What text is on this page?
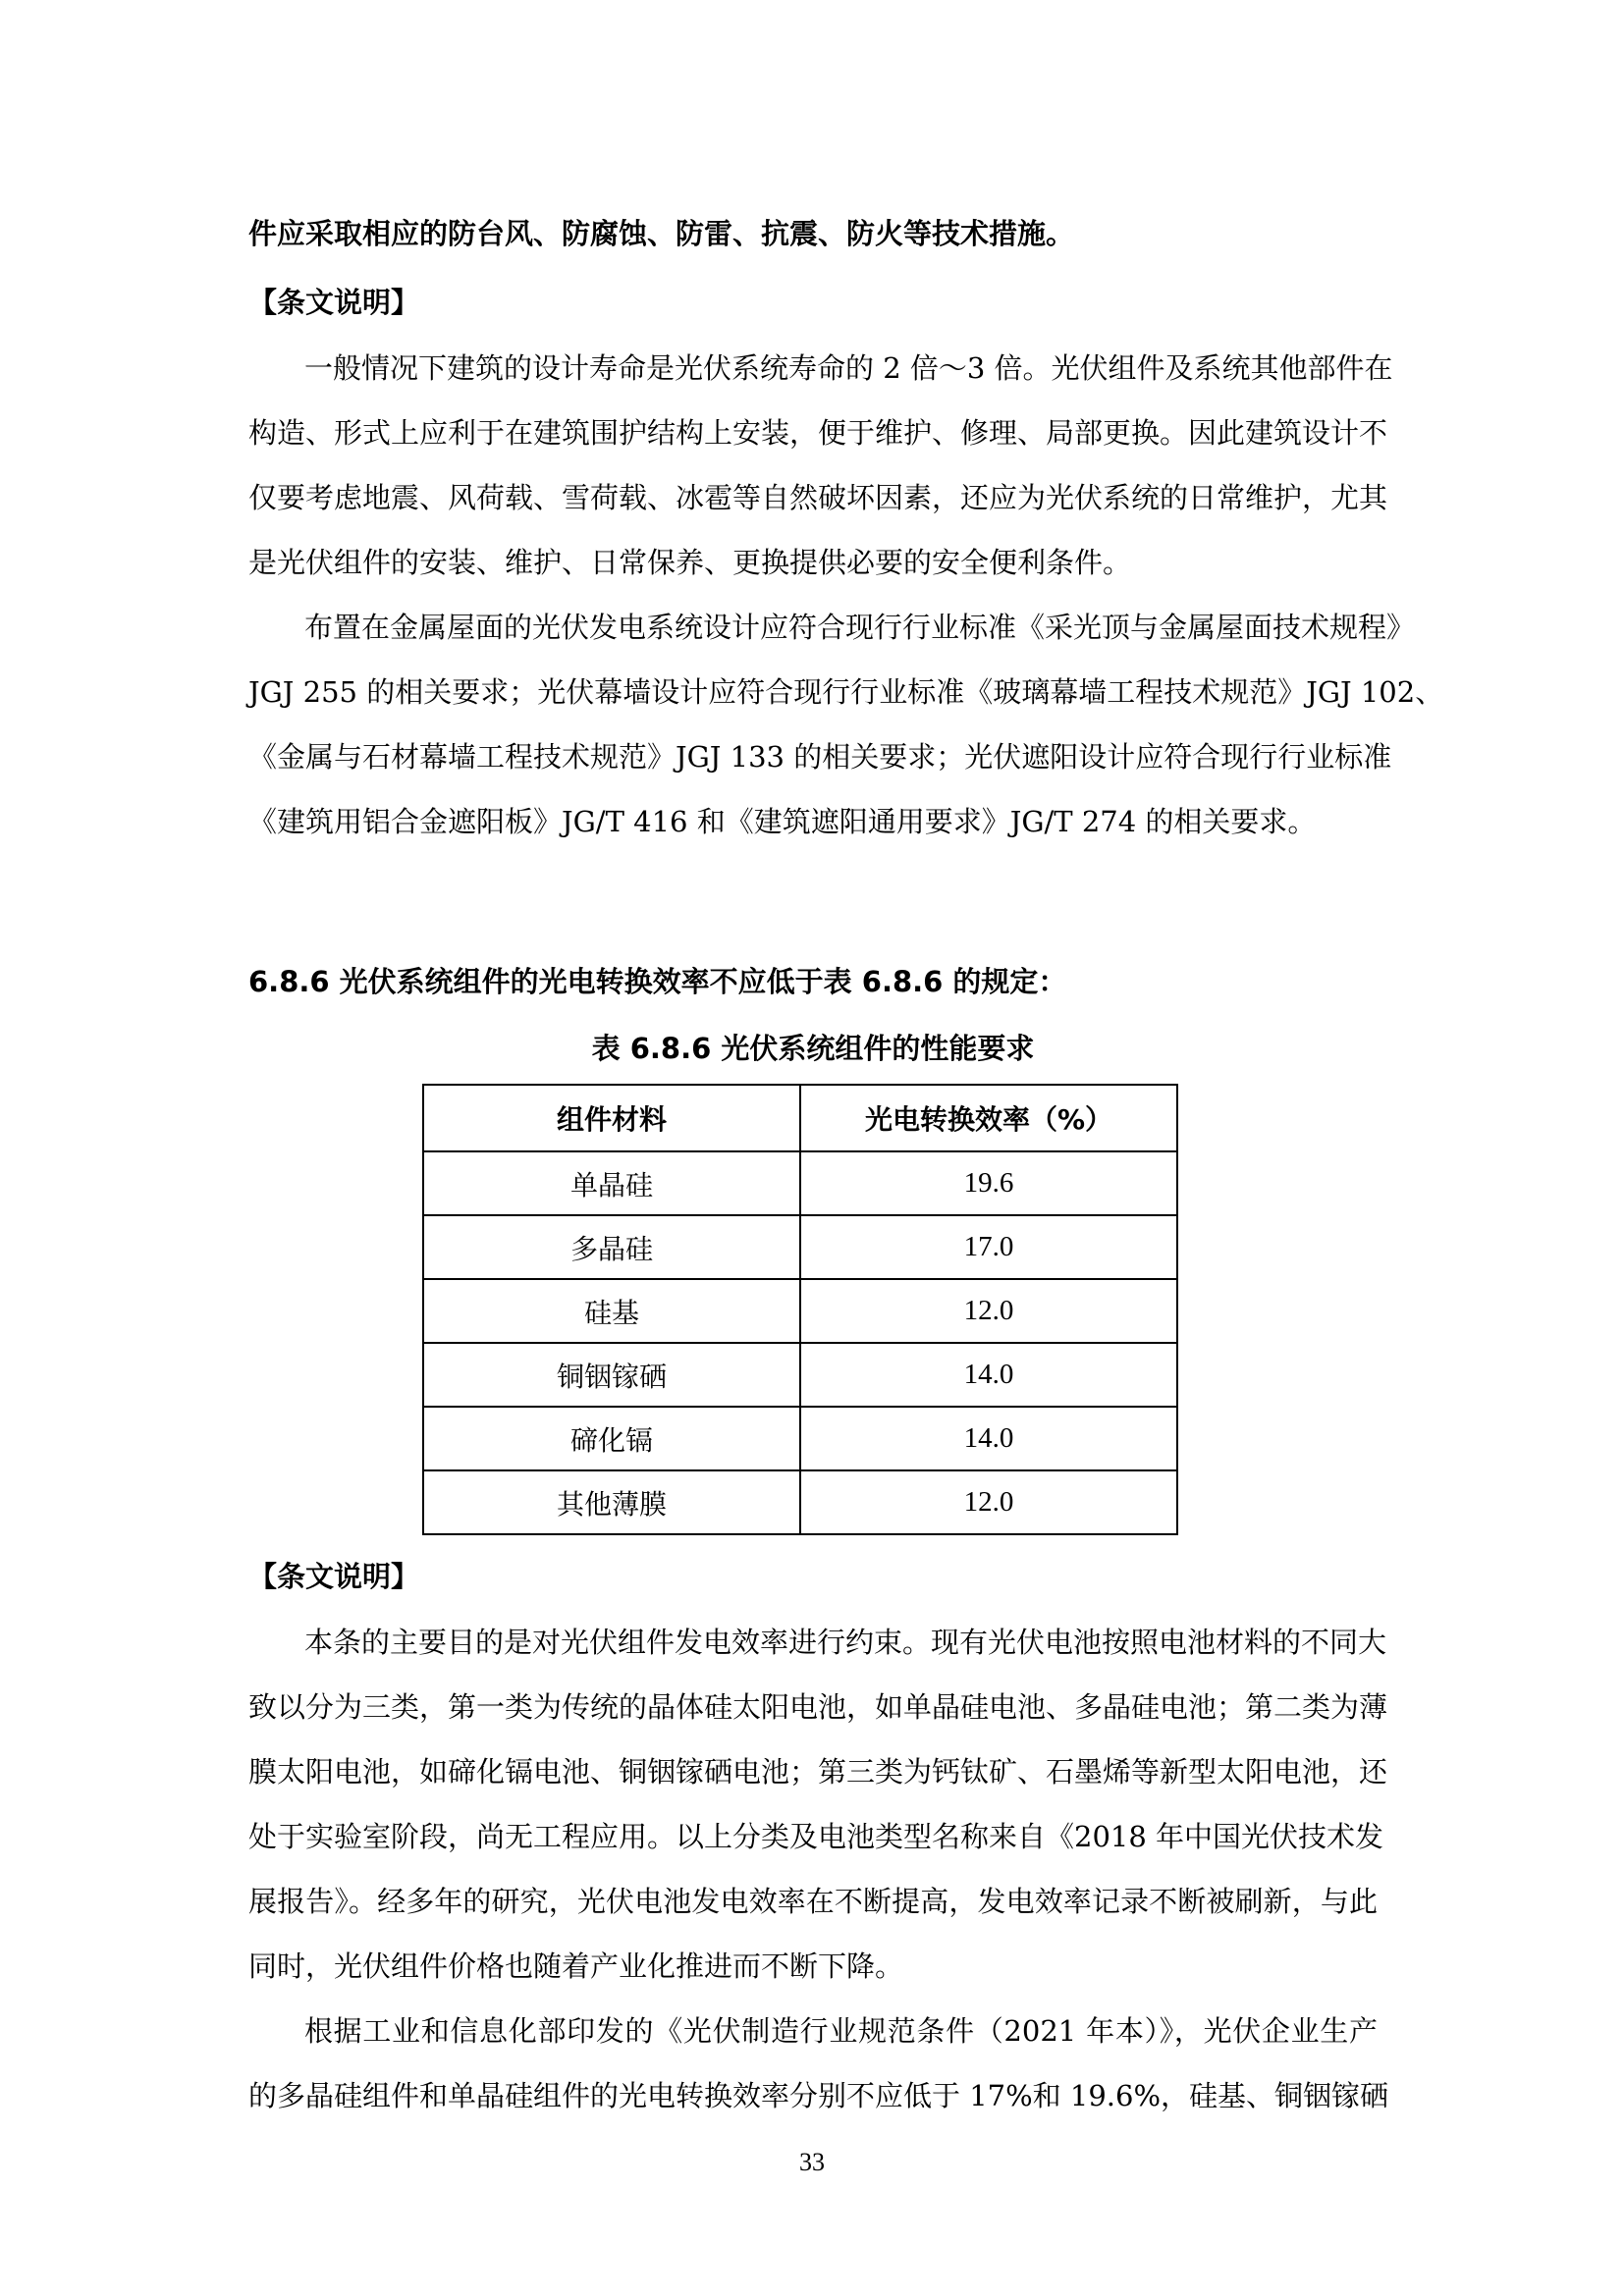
件应采取相应的防台风、防腐蚀、防雷、抗震、防火等技术措施。
【条文说明】
一般情况下建筑的设计寿命是光伏系统寿命的 2 倍～3 倍。光伏组件及系统其他部件在
构造、形式上应利于在建筑围护结构上安装，便于维护、修理、局部更换。因此建筑设计不
仅要考虑地震、风荷载、雪荷载、冰雹等自然破坏因素，还应为光伏系统的日常维护，尤其
是光伏组件的安装、维护、日常保养、更换提供必要的安全便利条件。
布置在金属屋面的光伏发电系统设计应符合现行行业标准《采光顶与金属屋面技术规程》
JGJ 255 的相关要求；光伏幕墙设计应符合现行行业标准《玻璃幕墙工程技术规范》JGJ 102、
《金属与石材幕墙工程技术规范》JGJ 133 的相关要求；光伏遮阳设计应符合现行行业标准
《建筑用铝合金遮阳板》JG/T 416 和《建筑遮阳通用要求》JG/T 274 的相关要求。
6.8.6 光伏系统组件的光电转换效率不应低于表 6.8.6 的规定：
表 6.8.6 光伏系统组件的性能要求
组件材料	光电转换效率（%）
单晶硅	19.6
多晶硅	17.0
硅基	12.0
铜铟镓硒	14.0
碲化镉	14.0
其他薄膜	12.0
【条文说明】
本条的主要目的是对光伏组件发电效率进行约束。现有光伏电池按照电池材料的不同大
致以分为三类，第一类为传统的晶体硅太阳电池，如单晶硅电池、多晶硅电池；第二类为薄
膜太阳电池，如碲化镉电池、铜铟镓硒电池；第三类为钙钛矿、石墨烯等新型太阳电池，还
处于实验室阶段，尚无工程应用。以上分类及电池类型名称来自《2018 年中国光伏技术发
展报告》。经多年的研究，光伏电池发电效率在不断提高，发电效率记录不断被刷新，与此
同时，光伏组件价格也随着产业化推进而不断下降。
根据工业和信息化部印发的《光伏制造行业规范条件（2021 年本）》，光伏企业生产
的多晶硅组件和单晶硅组件的光电转换效率分别不应低于 17%和 19.6%，硅基、铜铟镓硒
33
